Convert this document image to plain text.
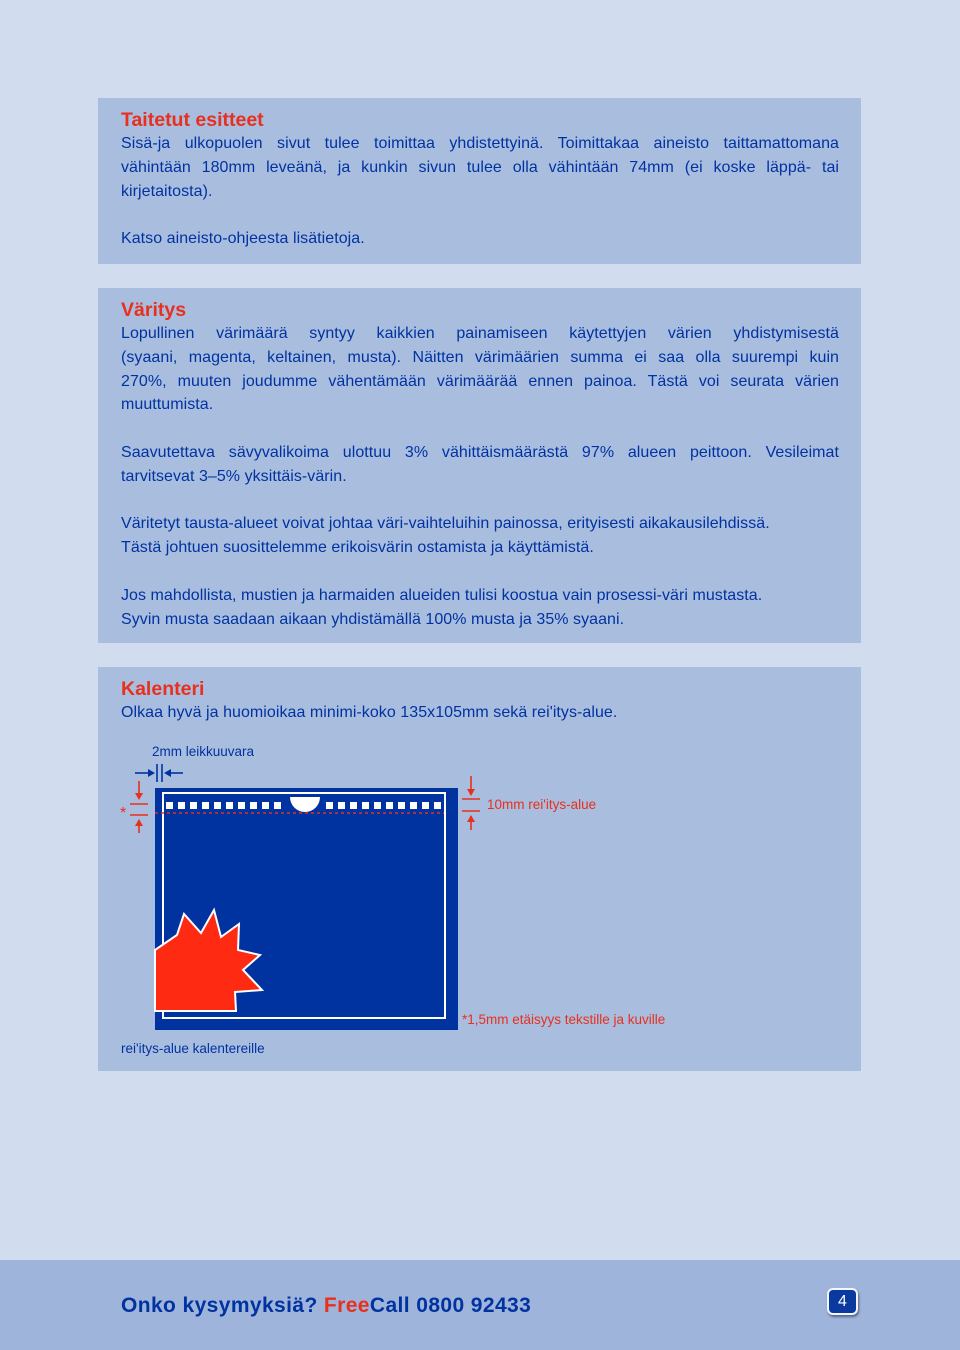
Taitetut esitteet

Sisä-ja ulkopuolen sivut tulee toimittaa yhdistettyinä. Toimittakaa aineisto taittamattomana

vähintään 180mm leveänä, ja kunkin sivun tulee olla vähintään 74mm (ei koske läppä- tai

kirjetaitosta).

Katso aineisto-ohjeesta lisätietoja.

Väritys

Lopullinen värimäärä syntyy kaikkien painamiseen käytettyjen värien yhdistymisestä

(syaani, magenta, keltainen, musta). Näitten värimäärien summa ei saa olla suurempi kuin

270%, muuten joudumme vähentämään värimäärää ennen painoa. Tästä voi seurata värien

muuttumista.

Saavutettava sävyvalikoima ulottuu 3% vähittäismäärästä 97% alueen peittoon. Vesileimat

tarvitsevat 3–5% yksittäis-värin.

Väritetyt tausta-alueet voivat johtaa väri-vaihteluihin painossa, erityisesti aikakausilehdissä.

Tästä johtuen suosittelemme erikoisvärin ostamista ja käyttämistä.

Jos mahdollista, mustien ja harmaiden alueiden tulisi koostua vain prosessi-väri mustasta.

Syvin musta saadaan aikaan yhdistämällä 100% musta ja 35% syaani.

Kalenteri

Olkaa hyvä ja huomioikaa minimi-koko 135x105mm sekä rei'itys-alue.

2mm leikkuuvara
10mm rei'itys-alue
*
*1,5mm etäisyys tekstille ja kuville
rei'itys-alue kalentereille
Onko kysymyksiä? FreeCall 0800 92433	4
